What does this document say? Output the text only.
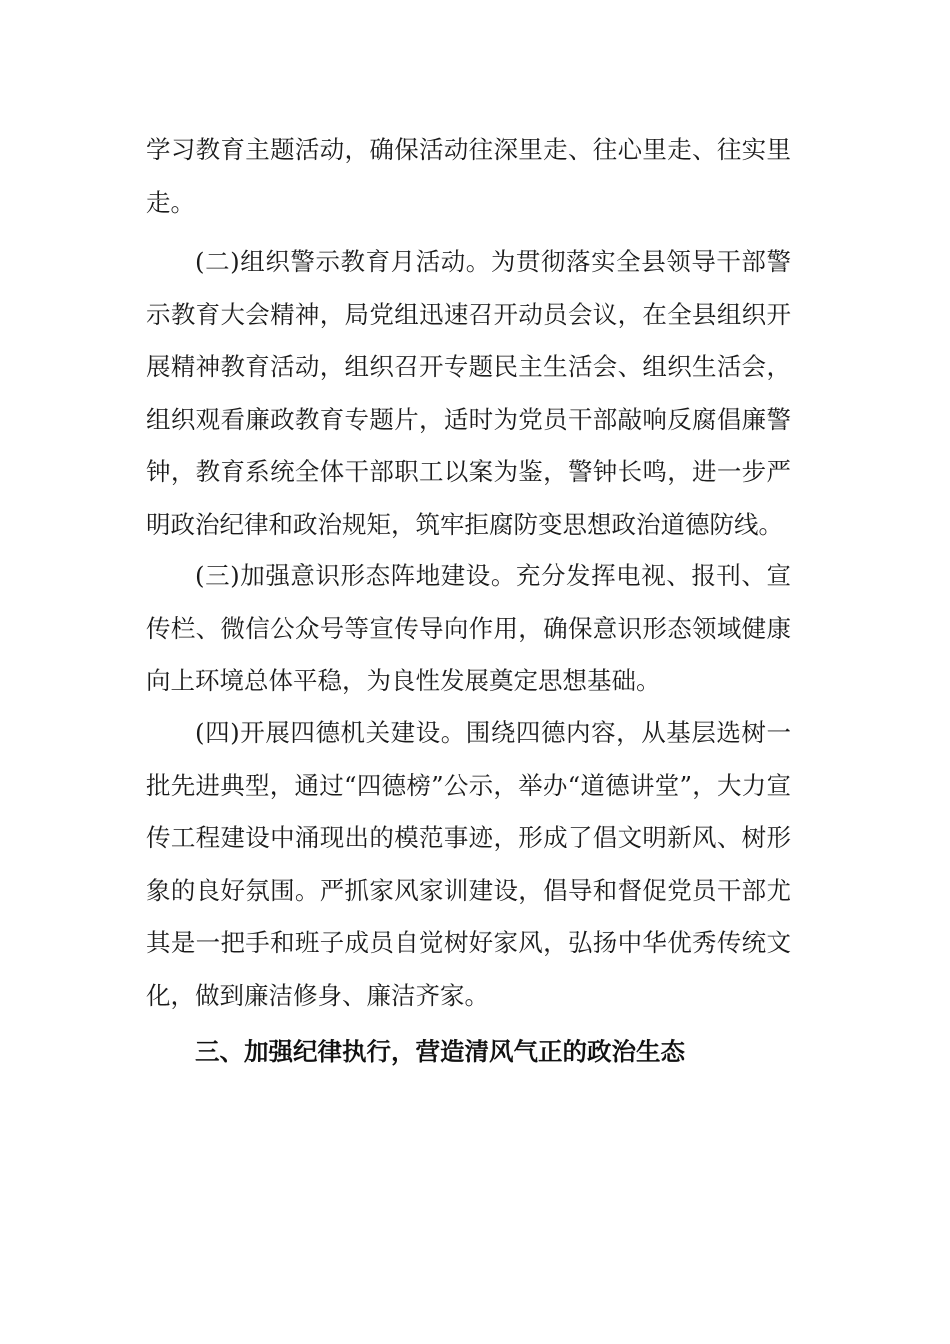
学习教育主题活动，确保活动往深里走、往心里走、往实里走。

(二)组织警示教育月活动。为贯彻落实全县领导干部警示教育大会精神，局党组迅速召开动员会议，在全县组织开展精神教育活动，组织召开专题民主生活会、组织生活会，组织观看廉政教育专题片，适时为党员干部敲响反腐倡廉警钟，教育系统全体干部职工以案为鉴，警钟长鸣，进一步严明政治纪律和政治规矩，筑牢拒腐防变思想政治道德防线。

(三)加强意识形态阵地建设。充分发挥电视、报刊、宣传栏、微信公众号等宣传导向作用，确保意识形态领域健康向上环境总体平稳，为良性发展奠定思想基础。

(四)开展四德机关建设。围绕四德内容，从基层选树一批先进典型，通过“四德榜”公示，举办“道德讲堂”，大力宣传工程建设中涌现出的模范事迹，形成了倡文明新风、树形象的良好氛围。严抓家风家训建设，倡导和督促党员干部尤其是一把手和班子成员自觉树好家风，弘扬中华优秀传统文化，做到廉洁修身、廉洁齐家。

三、加强纪律执行，营造清风气正的政治生态
